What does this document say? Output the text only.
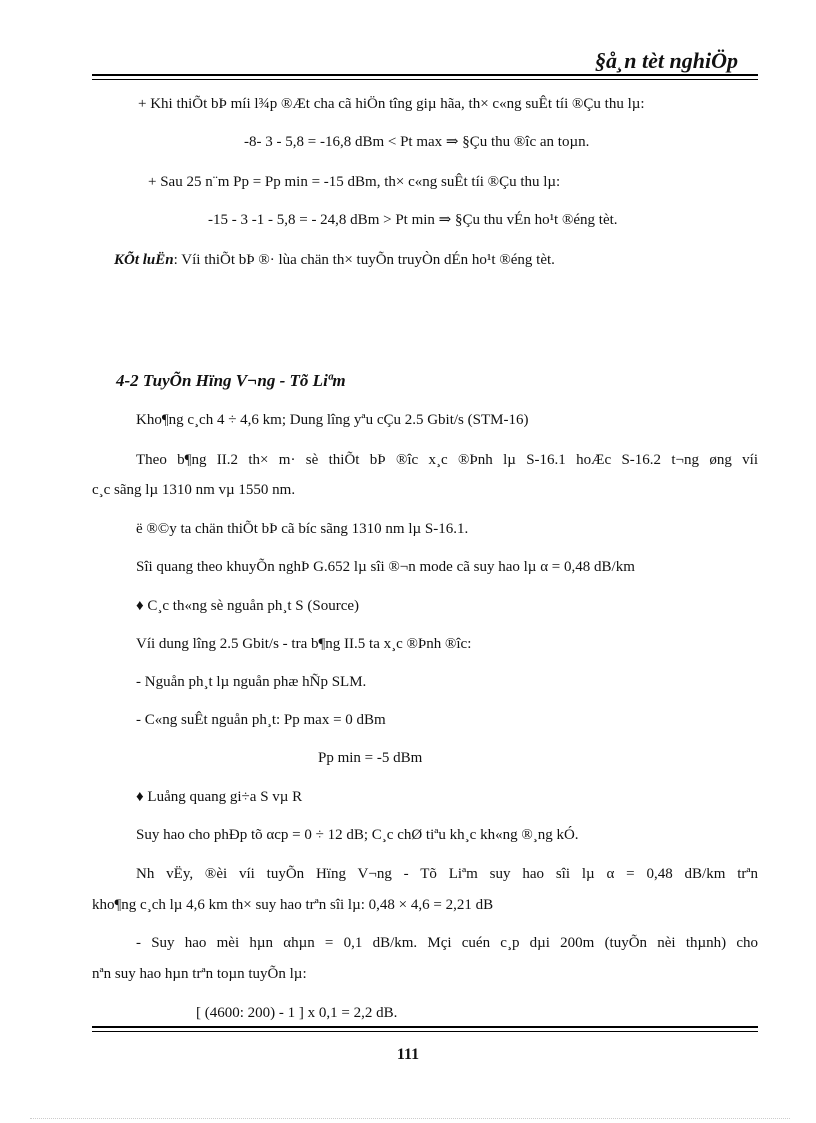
§å¸n tèt nghiÖp
+ Khi thiÕt bÞ míi l¾p ®Æt cha cã hiÖn tîng giµ hãa, th× c«ng suÊt tíi ®Çu thu lµ:
-8- 3 - 5,8 = -16,8 dBm < Pt max ⇒ §Çu thu ®îc an toµn.
+ Sau 25 n¨m Pp = Pp min = -15 dBm, th× c«ng suÊt tíi ®Çu thu lµ:
-15 - 3 -1 - 5,8 = - 24,8 dBm > Pt min ⇒ §Çu thu vÉn ho¹t ®éng tèt.
KÕt luËn: Víi thiÕt bÞ ®· lùa chän th× tuyÕn truyÒn dÉn ho¹t ®éng tèt.
4-2 TuyÕn Hïng V¬ng - Tõ Liªm
Kho¶ng c¸ch 4 ÷ 4,6 km; Dung lîng yªu cÇu 2.5 Gbit/s (STM-16)
Theo b¶ng II.2 th× m· sè thiÕt bÞ ®îc x¸c ®Þnh lµ S-16.1 hoÆc S-16.2 t¬ng øng víi
c¸c sãng lµ 1310 nm vµ 1550 nm.
ë ®©y ta chän thiÕt bÞ cã bíc sãng 1310 nm lµ S-16.1.
Sîi quang theo khuyÕn nghÞ G.652 lµ sîi ®¬n mode cã suy hao lµ α = 0,48 dB/km
♦ C¸c th«ng sè nguån ph¸t S (Source)
Víi dung lîng 2.5 Gbit/s - tra b¶ng II.5 ta x¸c ®Þnh ®îc:
- Nguån ph¸t lµ nguån phæ hÑp SLM.
- C«ng suÊt nguån ph¸t: Pp max = 0 dBm
Pp min = -5 dBm
♦ Luång quang gi÷a S vµ R
Suy hao cho phÐp tõ αcp = 0 ÷ 12 dB; C¸c chØ tiªu kh¸c kh«ng ®¸ng kÓ.
Nh vËy, ®èi víi tuyÕn Hïng V¬ng - Tõ Liªm suy hao sîi lµ α = 0,48 dB/km trªn
kho¶ng c¸ch lµ 4,6 km th× suy hao trªn sîi lµ: 0,48 × 4,6 = 2,21 dB
- Suy hao mèi hµn αhµn = 0,1 dB/km. Mçi cuén c¸p dµi 200m (tuyÕn nèi thµnh) cho
nªn suy hao hµn trªn toµn tuyÕn lµ:
[ (4600: 200) - 1 ] x 0,1 = 2,2 dB.
111
